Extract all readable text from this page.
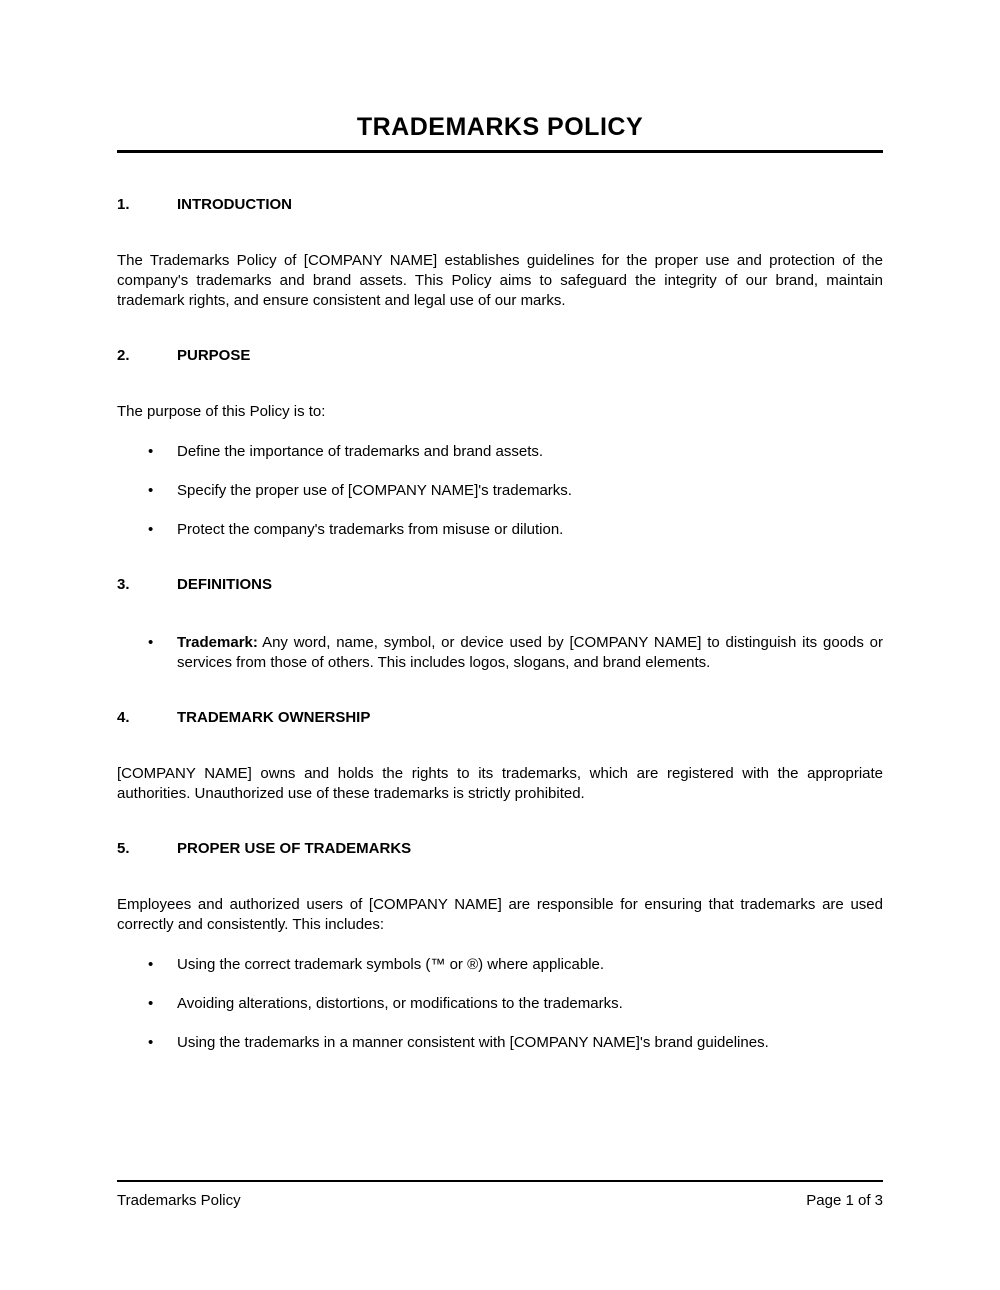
TRADEMARKS POLICY
1.	INTRODUCTION

The Trademarks Policy of [COMPANY NAME] establishes guidelines for the proper use and protection of the company's trademarks and brand assets. This Policy aims to safeguard the integrity of our brand, maintain trademark rights, and ensure consistent and legal use of our marks.

2.	PURPOSE

The purpose of this Policy is to:

•	Define the importance of trademarks and brand assets.
•	Specify the proper use of [COMPANY NAME]'s trademarks.
•	Protect the company's trademarks from misuse or dilution.
3.	DEFINITIONS
•	Trademark: Any word, name, symbol, or device used by [COMPANY NAME] to distinguish its goods or services from those of others. This includes logos, slogans, and brand elements.
4.	TRADEMARK OWNERSHIP

[COMPANY NAME] owns and holds the rights to its trademarks, which are registered with the appropriate authorities. Unauthorized use of these trademarks is strictly prohibited.

5.	PROPER USE OF TRADEMARKS

Employees and authorized users of [COMPANY NAME] are responsible for ensuring that trademarks are used correctly and consistently. This includes:

•	Using the correct trademark symbols (™ or ®) where applicable.
•	Avoiding alterations, distortions, or modifications to the trademarks.
•	Using the trademarks in a manner consistent with [COMPANY NAME]'s brand guidelines.
Trademarks Policy	Page 1 of 3
